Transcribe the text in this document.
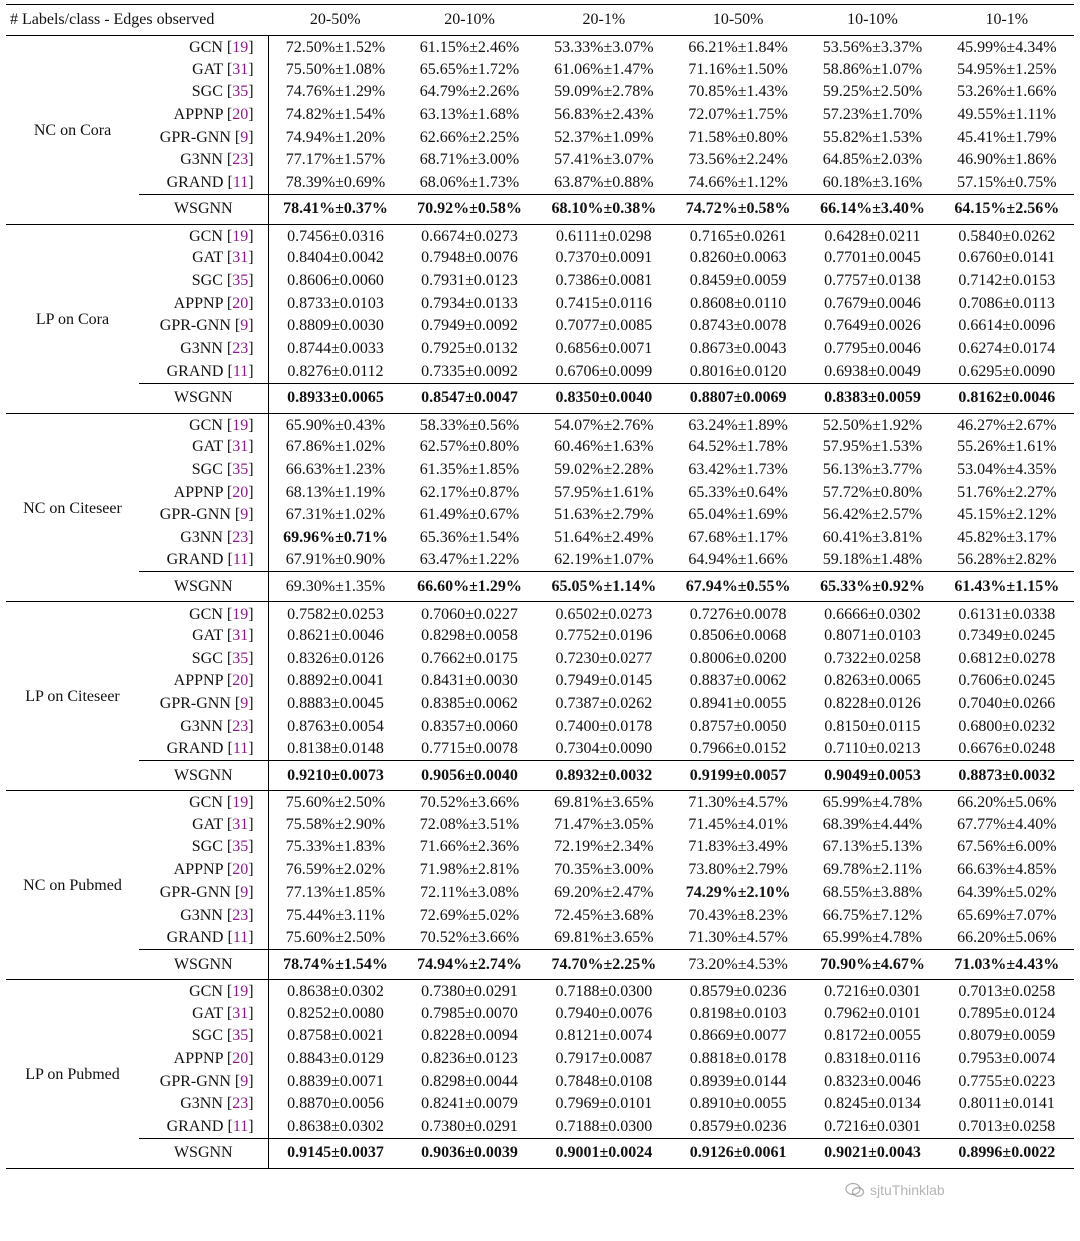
# Labels/class - Edges observed		20-50%	20-10%	20-1%	10-50%	10-10%	10-1%
NC on Cora	GCN [19]	72.50%±1.52%	61.15%±2.46%	53.33%±3.07%	66.21%±1.84%	53.56%±3.37%	45.99%±4.34%
	GAT [31]	75.50%±1.08%	65.65%±1.72%	61.06%±1.47%	71.16%±1.50%	58.86%±1.07%	54.95%±1.25%
	SGC [35]	74.76%±1.29%	64.79%±2.26%	59.09%±2.78%	70.85%±1.43%	59.25%±2.50%	53.26%±1.66%
	APPNP [20]	74.82%±1.54%	63.13%±1.68%	56.83%±2.43%	72.07%±1.75%	57.23%±1.70%	49.55%±1.11%
	GPR-GNN [9]	74.94%±1.20%	62.66%±2.25%	52.37%±1.09%	71.58%±0.80%	55.82%±1.53%	45.41%±1.79%
	G3NN [23]	77.17%±1.57%	68.71%±3.00%	57.41%±3.07%	73.56%±2.24%	64.85%±2.03%	46.90%±1.86%
	GRAND [11]	78.39%±0.69%	68.06%±1.73%	63.87%±0.88%	74.66%±1.12%	60.18%±3.16%	57.15%±0.75%
	WSGNN	78.41%±0.37%	70.92%±0.58%	68.10%±0.38%	74.72%±0.58%	66.14%±3.40%	64.15%±2.56%
LP on Cora	GCN [19]	0.7456±0.0316	0.6674±0.0273	0.6111±0.0298	0.7165±0.0261	0.6428±0.0211	0.5840±0.0262
	GAT [31]	0.8404±0.0042	0.7948±0.0076	0.7370±0.0091	0.8260±0.0063	0.7701±0.0045	0.6760±0.0141
	SGC [35]	0.8606±0.0060	0.7931±0.0123	0.7386±0.0081	0.8459±0.0059	0.7757±0.0138	0.7142±0.0153
	APPNP [20]	0.8733±0.0103	0.7934±0.0133	0.7415±0.0116	0.8608±0.0110	0.7679±0.0046	0.7086±0.0113
	GPR-GNN [9]	0.8809±0.0030	0.7949±0.0092	0.7077±0.0085	0.8743±0.0078	0.7649±0.0026	0.6614±0.0096
	G3NN [23]	0.8744±0.0033	0.7925±0.0132	0.6856±0.0071	0.8673±0.0043	0.7795±0.0046	0.6274±0.0174
	GRAND [11]	0.8276±0.0112	0.7335±0.0092	0.6706±0.0099	0.8016±0.0120	0.6938±0.0049	0.6295±0.0090
	WSGNN	0.8933±0.0065	0.8547±0.0047	0.8350±0.0040	0.8807±0.0069	0.8383±0.0059	0.8162±0.0046
NC on Citeseer	GCN [19]	65.90%±0.43%	58.33%±0.56%	54.07%±2.76%	63.24%±1.89%	52.50%±1.92%	46.27%±2.67%
	GAT [31]	67.86%±1.02%	62.57%±0.80%	60.46%±1.63%	64.52%±1.78%	57.95%±1.53%	55.26%±1.61%
	SGC [35]	66.63%±1.23%	61.35%±1.85%	59.02%±2.28%	63.42%±1.73%	56.13%±3.77%	53.04%±4.35%
	APPNP [20]	68.13%±1.19%	62.17%±0.87%	57.95%±1.61%	65.33%±0.64%	57.72%±0.80%	51.76%±2.27%
	GPR-GNN [9]	67.31%±1.02%	61.49%±0.67%	51.63%±2.79%	65.04%±1.69%	56.42%±2.57%	45.15%±2.12%
	G3NN [23]	69.96%±0.71%	65.36%±1.54%	51.64%±2.49%	67.68%±1.17%	60.41%±3.81%	45.82%±3.17%
	GRAND [11]	67.91%±0.90%	63.47%±1.22%	62.19%±1.07%	64.94%±1.66%	59.18%±1.48%	56.28%±2.82%
	WSGNN	69.30%±1.35%	66.60%±1.29%	65.05%±1.14%	67.94%±0.55%	65.33%±0.92%	61.43%±1.15%
LP on Citeseer	GCN [19]	0.7582±0.0253	0.7060±0.0227	0.6502±0.0273	0.7276±0.0078	0.6666±0.0302	0.6131±0.0338
	GAT [31]	0.8621±0.0046	0.8298±0.0058	0.7752±0.0196	0.8506±0.0068	0.8071±0.0103	0.7349±0.0245
	SGC [35]	0.8326±0.0126	0.7662±0.0175	0.7230±0.0277	0.8006±0.0200	0.7322±0.0258	0.6812±0.0278
	APPNP [20]	0.8892±0.0041	0.8431±0.0030	0.7949±0.0145	0.8837±0.0062	0.8263±0.0065	0.7606±0.0245
	GPR-GNN [9]	0.8883±0.0045	0.8385±0.0062	0.7387±0.0262	0.8941±0.0055	0.8228±0.0126	0.7040±0.0266
	G3NN [23]	0.8763±0.0054	0.8357±0.0060	0.7400±0.0178	0.8757±0.0050	0.8150±0.0115	0.6800±0.0232
	GRAND [11]	0.8138±0.0148	0.7715±0.0078	0.7304±0.0090	0.7966±0.0152	0.7110±0.0213	0.6676±0.0248
	WSGNN	0.9210±0.0073	0.9056±0.0040	0.8932±0.0032	0.9199±0.0057	0.9049±0.0053	0.8873±0.0032
NC on Pubmed	GCN [19]	75.60%±2.50%	70.52%±3.66%	69.81%±3.65%	71.30%±4.57%	65.99%±4.78%	66.20%±5.06%
	GAT [31]	75.58%±2.90%	72.08%±3.51%	71.47%±3.05%	71.45%±4.01%	68.39%±4.44%	67.77%±4.40%
	SGC [35]	75.33%±1.83%	71.66%±2.36%	72.19%±2.34%	71.83%±3.49%	67.13%±5.13%	67.56%±6.00%
	APPNP [20]	76.59%±2.02%	71.98%±2.81%	70.35%±3.00%	73.80%±2.79%	69.78%±2.11%	66.63%±4.85%
	GPR-GNN [9]	77.13%±1.85%	72.11%±3.08%	69.20%±2.47%	74.29%±2.10%	68.55%±3.88%	64.39%±5.02%
	G3NN [23]	75.44%±3.11%	72.69%±5.02%	72.45%±3.68%	70.43%±8.23%	66.75%±7.12%	65.69%±7.07%
	GRAND [11]	75.60%±2.50%	70.52%±3.66%	69.81%±3.65%	71.30%±4.57%	65.99%±4.78%	66.20%±5.06%
	WSGNN	78.74%±1.54%	74.94%±2.74%	74.70%±2.25%	73.20%±4.53%	70.90%±4.67%	71.03%±4.43%
LP on Pubmed	GCN [19]	0.8638±0.0302	0.7380±0.0291	0.7188±0.0300	0.8579±0.0236	0.7216±0.0301	0.7013±0.0258
	GAT [31]	0.8252±0.0080	0.7985±0.0070	0.7940±0.0076	0.8198±0.0103	0.7962±0.0101	0.7895±0.0124
	SGC [35]	0.8758±0.0021	0.8228±0.0094	0.8121±0.0074	0.8669±0.0077	0.8172±0.0055	0.8079±0.0059
	APPNP [20]	0.8843±0.0129	0.8236±0.0123	0.7917±0.0087	0.8818±0.0178	0.8318±0.0116	0.7953±0.0074
	GPR-GNN [9]	0.8839±0.0071	0.8298±0.0044	0.7848±0.0108	0.8939±0.0144	0.8323±0.0046	0.7755±0.0223
	G3NN [23]	0.8870±0.0056	0.8241±0.0079	0.7969±0.0101	0.8910±0.0055	0.8245±0.0134	0.8011±0.0141
	GRAND [11]	0.8638±0.0302	0.7380±0.0291	0.7188±0.0300	0.8579±0.0236	0.7216±0.0301	0.7013±0.0258
	WSGNN	0.9145±0.0037	0.9036±0.0039	0.9001±0.0024	0.9126±0.0061	0.9021±0.0043	0.8996±0.0022
sjtuThinklab
